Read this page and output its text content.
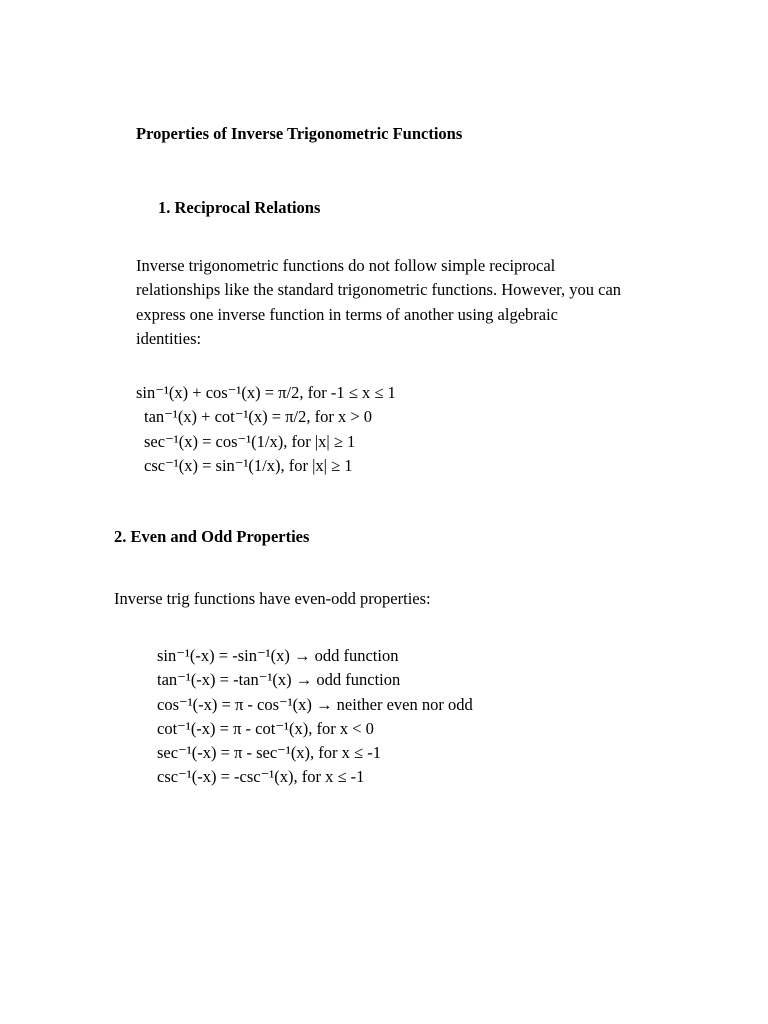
Properties of Inverse Trigonometric Functions
1. Reciprocal Relations
Inverse trigonometric functions do not follow simple reciprocal
relationships like the standard trigonometric functions. However, you can
express one inverse function in terms of another using algebraic
identities:
sin⁻¹(x) + cos⁻¹(x) = π/2, for -1 ≤ x ≤ 1
tan⁻¹(x) + cot⁻¹(x) = π/2, for x > 0
sec⁻¹(x) = cos⁻¹(1/x), for |x| ≥ 1
csc⁻¹(x) = sin⁻¹(1/x), for |x| ≥ 1
2. Even and Odd Properties
Inverse trig functions have even-odd properties:
sin⁻¹(-x) = -sin⁻¹(x) → odd function
tan⁻¹(-x) = -tan⁻¹(x) → odd function
cos⁻¹(-x) = π - cos⁻¹(x) → neither even nor odd
cot⁻¹(-x) = π - cot⁻¹(x), for x < 0
sec⁻¹(-x) = π - sec⁻¹(x), for x ≤ -1
csc⁻¹(-x) = -csc⁻¹(x), for x ≤ -1
